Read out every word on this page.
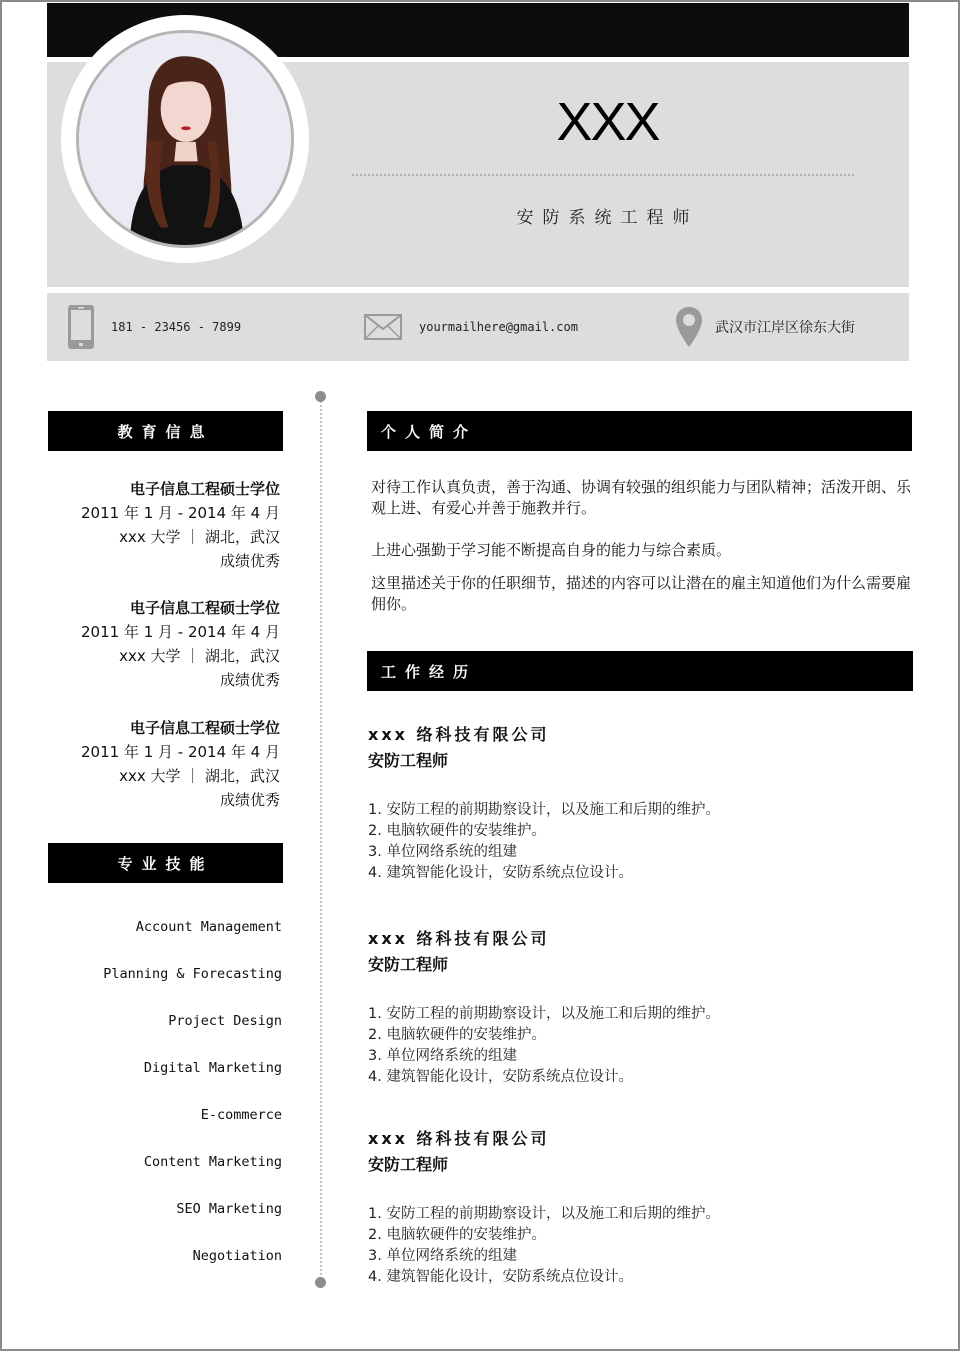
XXX
安防系统工程师
181 - 23456 - 7899	yourmailhere@gmail.com	武汉市江岸区徐东大街
教育信息
电子信息工程硕士学位
2011 年 1 月 - 2014 年 4 月
xxx 大学 ｜ 湖北，武汉
成绩优秀
电子信息工程硕士学位
2011 年 1 月 - 2014 年 4 月
xxx 大学 ｜ 湖北，武汉
成绩优秀
电子信息工程硕士学位
2011 年 1 月 - 2014 年 4 月
xxx 大学 ｜ 湖北，武汉
成绩优秀
专业技能
Account Management
Planning & Forecasting
Project Design
Digital Marketing
E-commerce
Content Marketing
SEO Marketing
Negotiation
个人简介
对待工作认真负责，善于沟通、协调有较强的组织能力与团队精神；活泼开朗、乐观上进、有爱心并善于施教并行。
上进心强勤于学习能不断提高自身的能力与综合素质。
这里描述关于你的任职细节，描述的内容可以让潜在的雇主知道他们为什么需要雇佣你。
工作经历
xxx 络科技有限公司
安防工程师
1. 安防工程的前期勘察设计，以及施工和后期的维护。
2. 电脑软硬件的安装维护。
3. 单位网络系统的组建
4. 建筑智能化设计，安防系统点位设计。
xxx 络科技有限公司
安防工程师
1. 安防工程的前期勘察设计，以及施工和后期的维护。
2. 电脑软硬件的安装维护。
3. 单位网络系统的组建
4. 建筑智能化设计，安防系统点位设计。
xxx 络科技有限公司
安防工程师
1. 安防工程的前期勘察设计，以及施工和后期的维护。
2. 电脑软硬件的安装维护。
3. 单位网络系统的组建
4. 建筑智能化设计，安防系统点位设计。
